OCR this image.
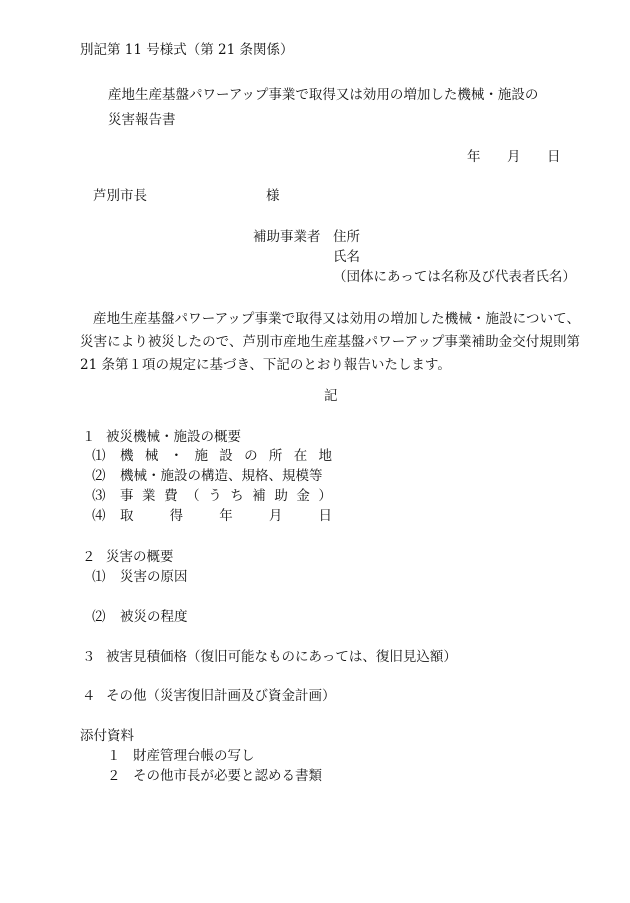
別記第 11 号様式（第 21 条関係）
産地生産基盤パワーアップ事業で取得又は効用の増加した機械・施設の
災害報告書
年 月 日
芦別市長	様
補助事業者 住所
氏名
（団体にあっては名称及び代表者氏名）
産地生産基盤パワーアップ事業で取得又は効用の増加した機械・施設について、災害により被災したので、芦別市産地生産基盤パワーアップ事業補助金交付規則第 21 条第１項の規定に基づき、下記のとおり報告いたします。
記
１ 被災機械・施設の概要
⑴ 機 械 ・ 施 設 の 所 在 地
⑵ 機械・施設の構造、規格、規模等
⑶ 事 業 費 （ う ち 補 助 金 ）
⑷ 取	得	年	月	日
２ 災害の概要
⑴ 災害の原因
⑵ 被災の程度
３ 被害見積価格（復旧可能なものにあっては、復旧見込額）
４ その他（災害復旧計画及び資金計画）
添付資料
１ 財産管理台帳の写し
２ その他市長が必要と認める書類
